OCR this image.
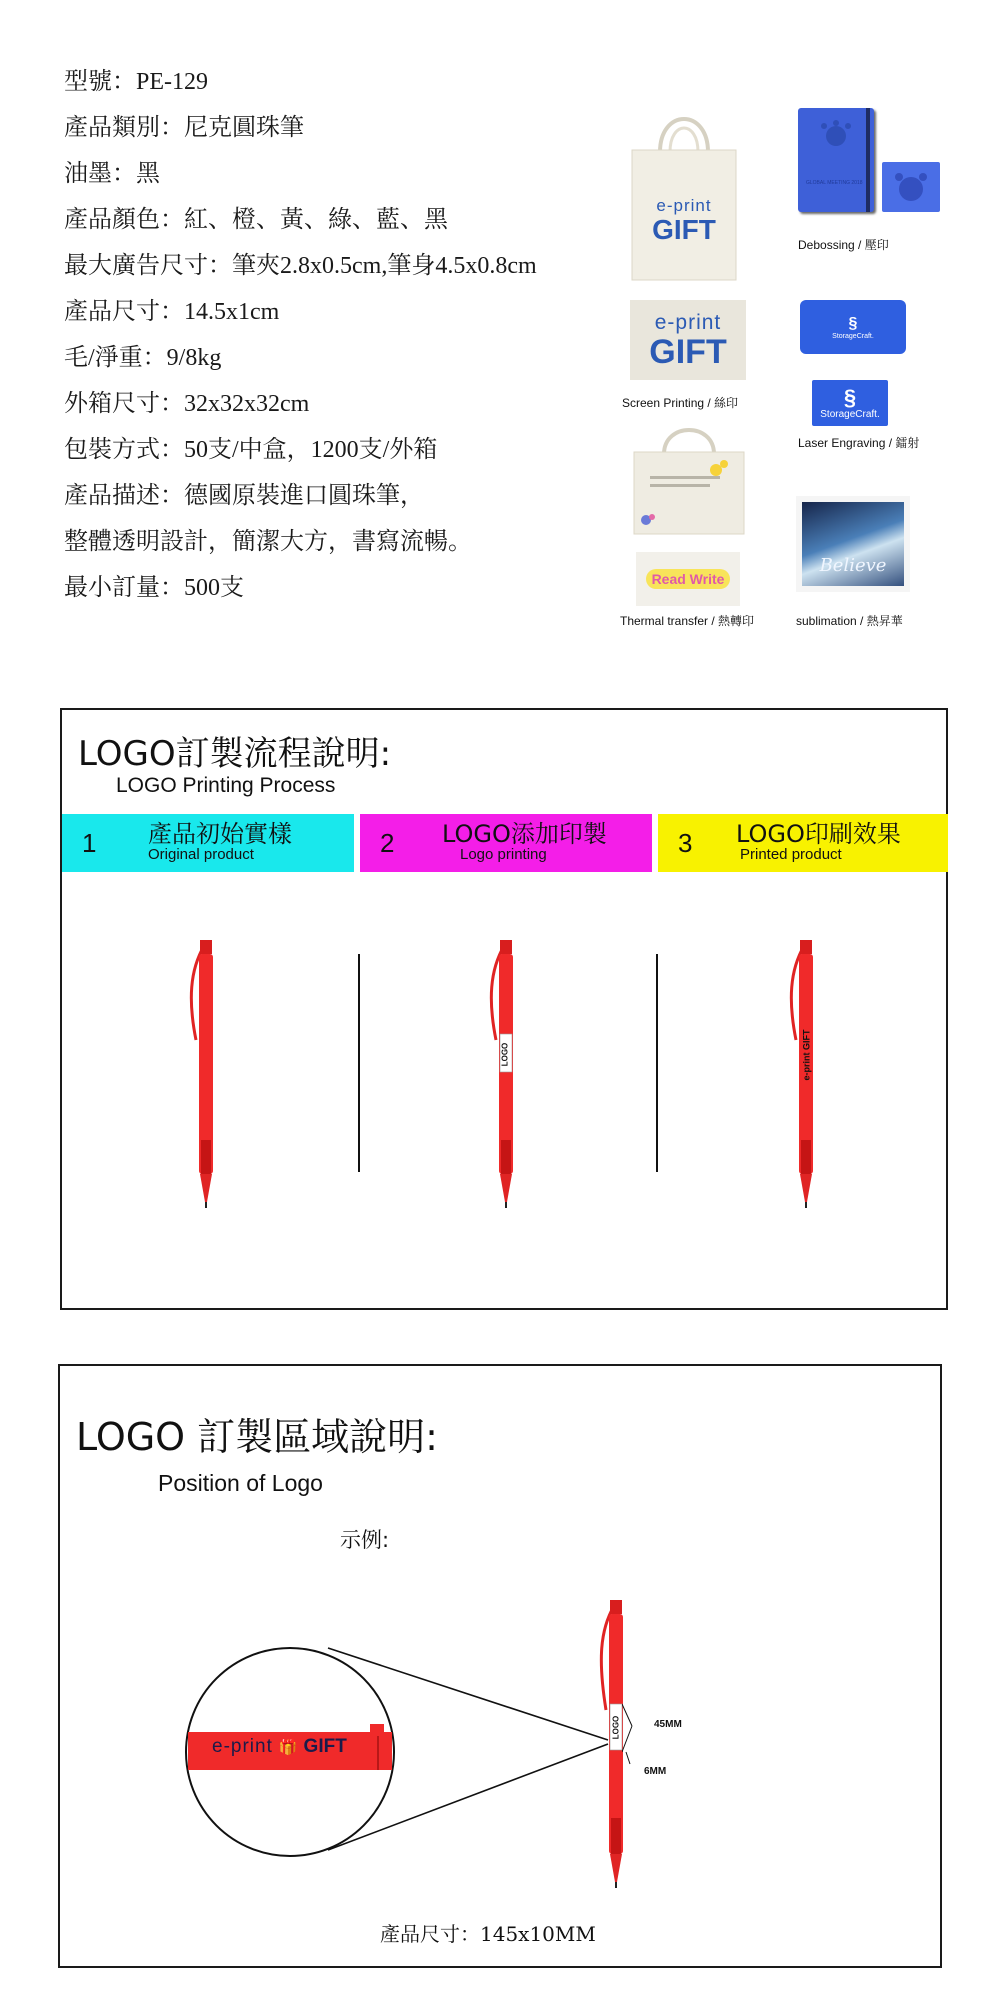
型號：PE-129
產品類別：尼克圓珠筆
油墨：黑
產品顏色：紅、橙、黃、綠、藍、黑
最大廣告尺寸：筆夾2.8x0.5cm,筆身4.5x0.8cm
產品尺寸：14.5x1cm
毛/淨重：9/8kg
外箱尺寸：32x32x32cm
包裝方式：50支/中盒，1200支/外箱
產品描述：德國原裝進口圓珠筆，
整體透明設計，簡潔大方，書寫流暢。
最小訂量：500支
e-print
GIFT
GLOBAL MEETING 2018
Debossing / 壓印
e-print
GIFT
Screen Printing / 絲印
§
StorageCraft.
§
StorageCraft.
Laser Engraving / 鐳射
Read Write
Thermal transfer / 熱轉印
Believe
sublimation / 熱昇華
LOGO訂製流程說明:
LOGO Printing Process
1 產品初始實樣
Original product	2 LOGO添加印製
Logo printing	3 LOGO印刷效果
Printed product
LOGO	e-print GIFT
LOGO 訂製區域說明:
Position of Logo
示例:
e-print 🎁 GIFT
LOGO	45MM
6MM
產品尺寸：145x10MM
